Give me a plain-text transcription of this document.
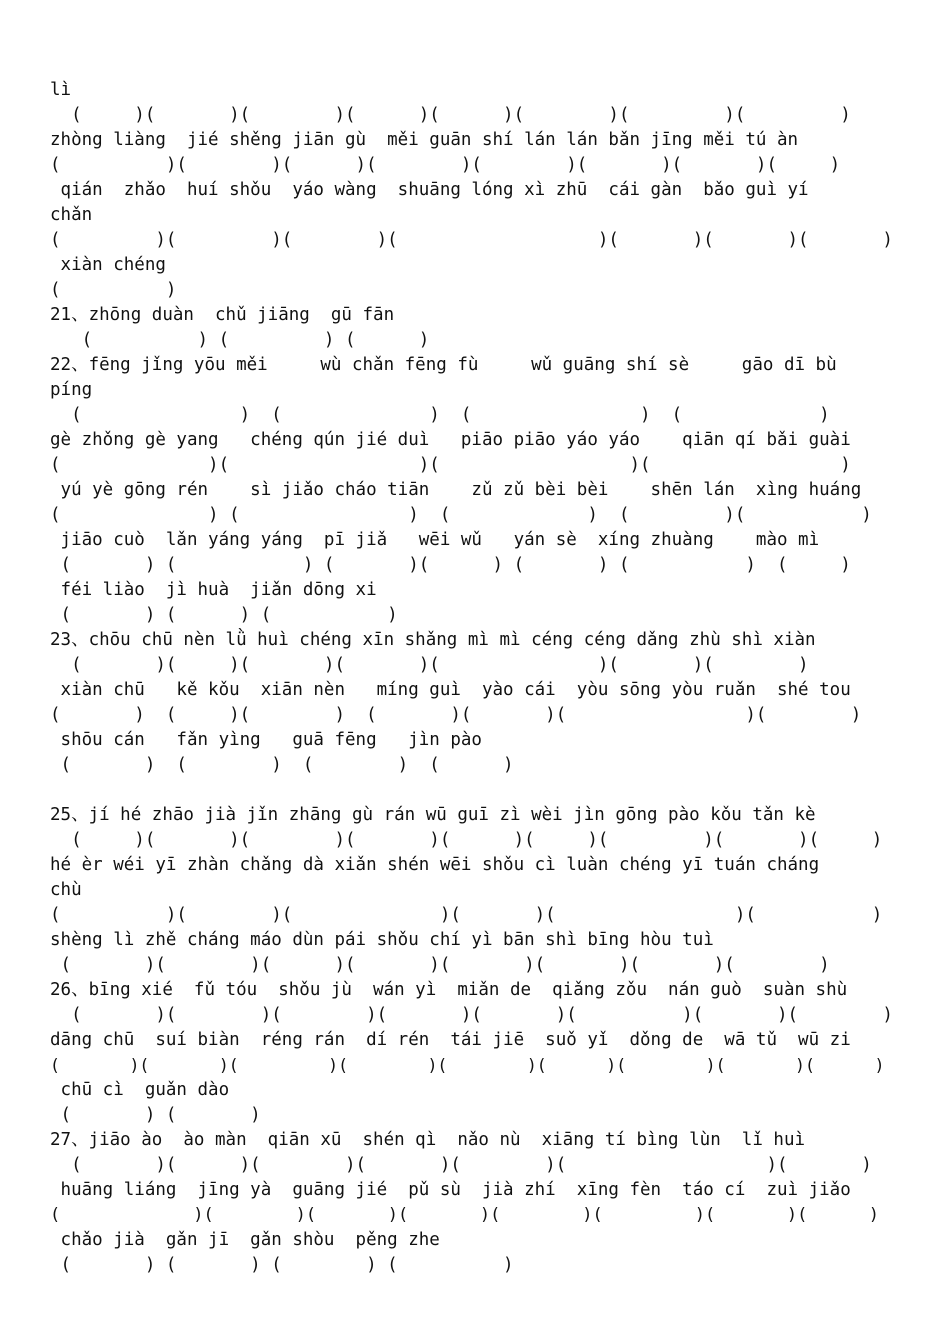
lì
(     )(       )(        )(      )(      )(        )(         )(         )
zhòng liàng  jié shěng jiān gù  měi guān shí lán lán bǎn jīng měi tú àn
(          )(        )(      )(        )(        )(       )(       )(     )
qián  zhǎo  huí shǒu  yáo wàng  shuāng lóng xì zhū  cái gàn  bǎo guì yí
chǎn
(         )(         )(        )(                   )(       )(       )(       )
xiàn chéng
(          )
21、zhōng duàn  chǔ jiāng  gū fān
(          ) (         ) (      )
22、fēng jǐng yōu měi     wù chǎn fēng fù     wǔ guāng shí sè     gāo dī bù
píng
(               )  (              )  (                )  (             )
gè zhǒng gè yang   chéng qún jié duì   piāo piāo yáo yáo    qiān qí bǎi guài
(              )(                  )(                  )(                  )
yú yè gōng rén    sì jiǎo cháo tiān    zǔ zǔ bèi bèi    shēn lán  xìng huáng
(              ) (                )  (             )  (         )(           )
jiāo cuò  lǎn yáng yáng  pī jiǎ   wēi wǔ   yán sè  xíng zhuàng    mào mì
(       ) (            ) (       )(      ) (       ) (           )  (     )
féi liào  jì huà  jiǎn dōng xi
(       ) (      ) (           )
23、chōu chū nèn lǜ huì chéng xīn shǎng mì mì céng céng dǎng zhù shì xiàn
(       )(     )(       )(       )(               )(       )(        )
xiàn chū   kě kǒu  xiān nèn   míng guì  yào cái  yòu sōng yòu ruǎn  shé tou
(       )  (     )(        )  (       )(       )(                 )(        )
shōu cán   fǎn yìng   guā fēng   jìn pào
(       )  (        )  (        )  (      )
25、jí hé zhāo jià jǐn zhāng gù rán wū guī zì wèi jìn gōng pào kǒu tǎn kè
(     )(       )(        )(       )(      )(     )(         )(       )(     )
hé èr wéi yī zhàn chǎng dà xiǎn shén wēi shǒu cì luàn chéng yī tuán cháng
chù
(          )(        )(              )(       )(                 )(           )
shèng lì zhě cháng máo dùn pái shǒu chí yì bān shì bīng hòu tuì
(       )(        )(      )(       )(       )(       )(       )(        )
26、bīng xié  fǔ tóu  shǒu jù  wán yì  miǎn de  qiǎng zǒu  nán guò  suàn shù
(       )(        )(        )(       )(       )(          )(       )(        )
dāng chū  suí biàn  réng rán  dí rén  tái jiē  suǒ yǐ  dǒng de  wā tǔ  wū zi
(       )(       )(         )(        )(        )(      )(        )(       )(      )
chū cì  guǎn dào
(       ) (       )
27、jiāo ào  ào màn  qiān xū  shén qì  nǎo nù  xiāng tí bìng lùn  lǐ huì
(       )(      )(        )(       )(        )(                   )(       )
huāng liáng  jīng yà  guāng jié  pǔ sù  jià zhí  xīng fèn  táo cí  zuì jiǎo
(             )(        )(       )(       )(        )(         )(       )(      )
chǎo jià  gǎn jī  gǎn shòu  pěng zhe
(       ) (       ) (        ) (          )
